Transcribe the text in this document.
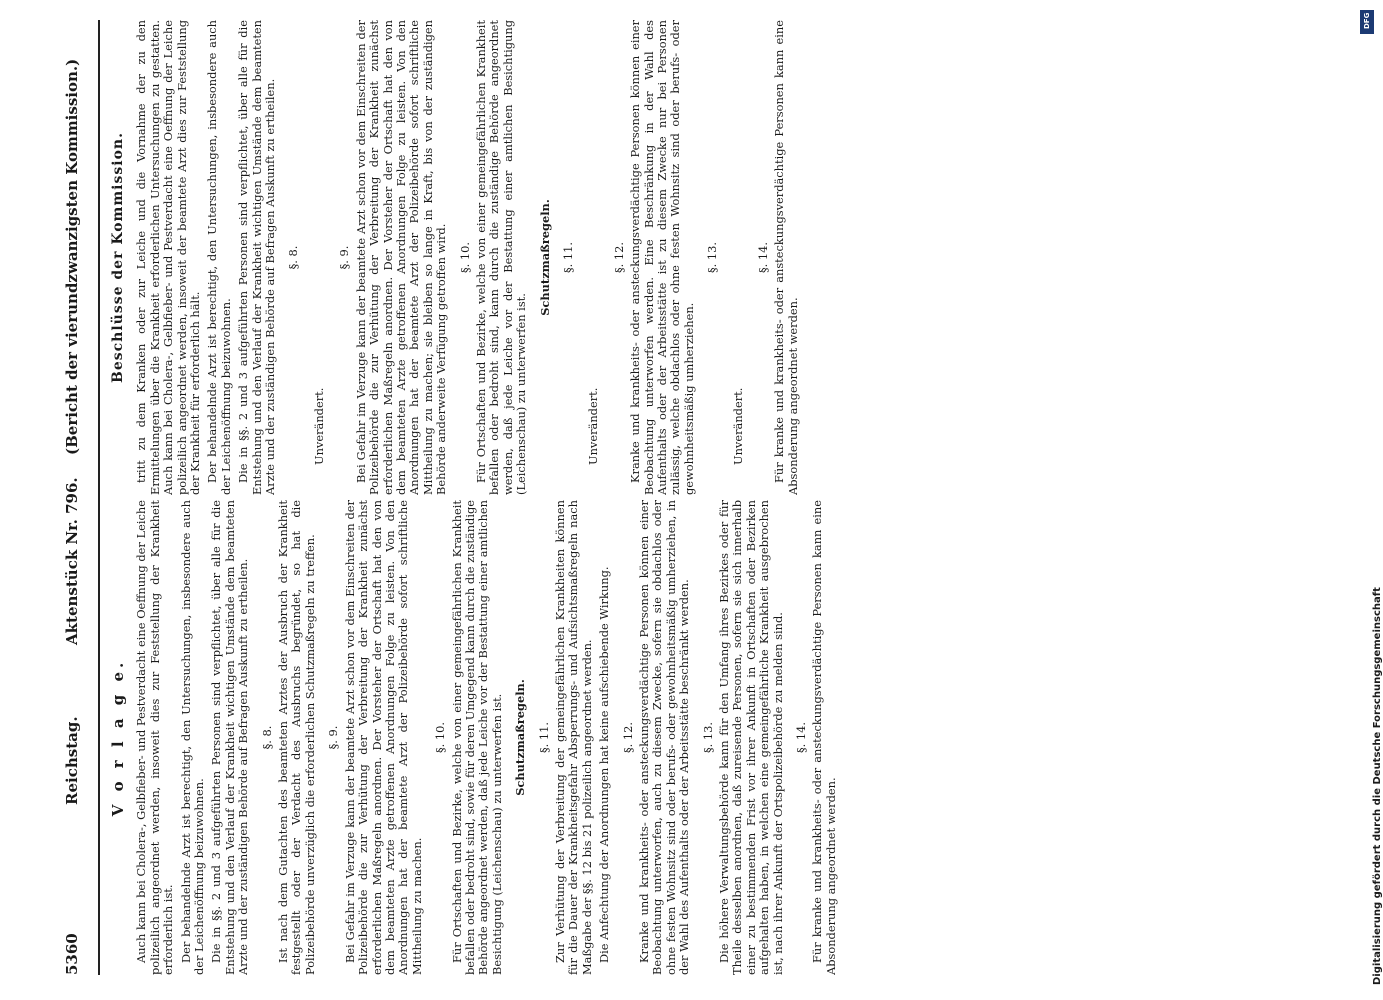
5360
Reichstag.
Aktenstück Nr. 796.
(Bericht der vierundzwanzigsten Kommission.)
V o r l a g e. Auch kann bei Cholera-, Gelbfieber- und Pestverdacht eine Oeffnung der Leiche polizeilich angeordnet werden, insoweit dies zur Feststellung der Krankheit erforderlich ist. Der behandelnde Arzt ist berechtigt, den Untersuchungen, insbesondere auch der Leichenöffnung beizuwohnen. Die in §§. 2 und 3 aufgeführten Personen sind verpflichtet, über alle für die Entstehung und den Verlauf der Krankheit wichtigen Umstände dem beamteten Arzte und der zuständigen Behörde auf Befragen Auskunft zu ertheilen. §. 8. Ist nach dem Gutachten des beamteten Arztes der Ausbruch der Krankheit festgestellt oder der Verdacht des Ausbruchs begründet, so hat die Polizeibehörde unverzüglich die erforderlichen Schutzmaßregeln zu treffen. §. 9. Bei Gefahr im Verzuge kann der beamtete Arzt schon vor dem Einschreiten der Polizeibehörde die zur Verhütung der Verbreitung der Krankheit zunächst erforderlichen Maßregeln anordnen. Der Vorsteher der Ortschaft hat den von dem beamteten Arzte getroffenen Anordnungen Folge zu leisten. Von den Anordnungen hat der beamtete Arzt der Polizeibehörde sofort schriftliche Mittheilung zu machen.

§. 10. Für Ortschaften und Bezirke, welche von einer gemeingefährlichen Krankheit befallen oder bedroht sind, sowie für deren Umgegend kann durch die zuständige Behörde angeordnet werden, daß jede Leiche vor der Bestattung einer amtlichen Besichtigung (Leichenschau) zu unterwerfen ist. Schutzmaßregeln. §. 11. Zur Verhütung der Verbreitung der gemeingefährlichen Krankheiten können für die Dauer der Krankheitsgefahr Absperrungs- und Aufsichtsmaßregeln nach Maßgabe der §§. 12 bis 21 polizeilich angeordnet werden. Die Anfechtung der Anordnungen hat keine aufschiebende Wirkung. §. 12. Kranke und krankheits- oder ansteckungsverdächtige Personen können einer Beobachtung unterworfen, auch zu diesem Zwecke, sofern sie obdachlos oder ohne festen Wohnsitz sind oder berufs- oder gewohnheitsmäßig umherziehen, in der Wahl des Aufenthalts oder der Arbeitsstätte beschränkt werden. §. 13. Die höhere Verwaltungsbehörde kann für den Umfang ihres Bezirkes oder für Theile desselben anordnen, daß zureisende Personen, sofern sie sich innerhalb einer zu bestimmenden Frist vor ihrer Ankunft in Ortschaften oder Bezirken aufgehalten haben, in welchen eine gemeingefährliche Krankheit ausgebrochen ist, nach ihrer Ankunft der Ortspolizeibehörde zu melden sind. §. 14. Für kranke und krankheits- oder ansteckungsverdächtige Personen kann eine Absonderung angeordnet werden.

Beschlüsse der Kommission. tritt zu dem Kranken oder zur Leiche und die Vornahme der zu den Ermittelungen über die Krankheit erforderlichen Untersuchungen zu gestatten. Auch kann bei Cholera-, Gelbfieber- und Pestverdacht eine Oeffnung der Leiche polizeilich angeordnet werden, insoweit der beamtete Arzt dies zur Feststellung der Krankheit für erforderlich hält. Der behandelnde Arzt ist berechtigt, den Untersuchungen, insbesondere auch der Leichenöffnung beizuwohnen. Die in §§. 2 und 3 aufgeführten Personen sind verpflichtet, über alle für die Entstehung und den Verlauf der Krankheit wichtigen Umstände dem beamteten Arzte und der zuständigen Behörde auf Befragen Auskunft zu ertheilen. §. 8.
Unverändert.
§. 9. Bei Gefahr im Verzuge kann der beamtete Arzt schon vor dem Einschreiten der Polizeibehörde die zur Verhütung der Verbreitung der Krankheit zunächst erforderlichen Maßregeln anordnen. Der Vorsteher der Ortschaft hat den von dem beamteten Arzte getroffenen Anordnungen Folge zu leisten. Von den Anordnungen hat der beamtete Arzt der Polizeibehörde sofort schriftliche Mittheilung zu machen; sie bleiben so lange in Kraft, bis von der zuständigen Behörde anderweite Verfügung getroffen wird. §. 10. Für Ortschaften und Bezirke, welche von einer gemeingefährlichen Krankheit befallen oder bedroht sind, kann durch die zuständige Behörde angeordnet werden, daß jede Leiche vor der Bestattung einer amtlichen Besichtigung (Leichenschau) zu unterwerfen ist.

Schutzmaßregeln. §. 11.
Unverändert.
§. 12. Kranke und krankheits- oder ansteckungsverdächtige Personen können einer Beobachtung unterworfen werden. Eine Beschränkung in der Wahl des Aufenthalts oder der Arbeitsstätte ist zu diesem Zwecke nur bei Personen zulässig, welche obdachlos oder ohne festen Wohnsitz sind oder berufs- oder gewohnheitsmäßig umherziehen.

§. 13.
Unverändert.
§. 14. Für kranke und krankheits- oder ansteckungsverdächtige Personen kann eine Absonderung angeordnet werden.

DFG
Digitalisierung gefördert durch die Deutsche Forschungsgemeinschaft
